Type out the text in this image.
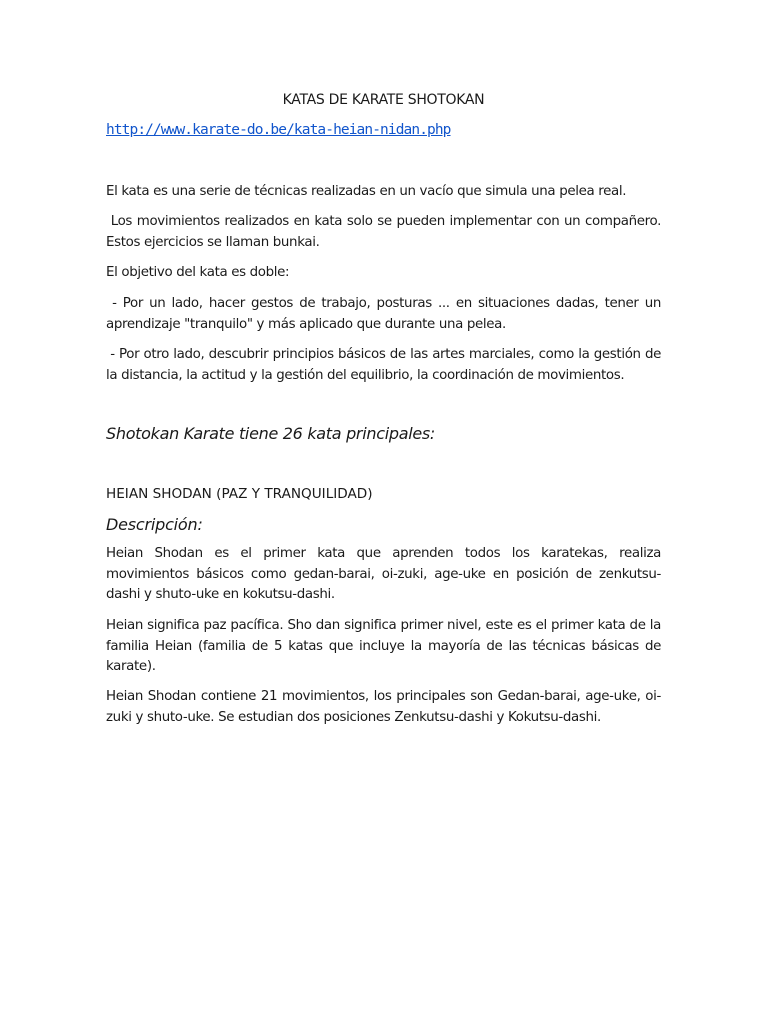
KATAS DE KARATE SHOTOKAN
http://www.karate-do.be/kata-heian-nidan.php

El kata es una serie de técnicas realizadas en un vacío que simula una pelea real.

Los movimientos realizados en kata solo se pueden implementar con un compañero. Estos ejercicios se llaman bunkai.

El objetivo del kata es doble:

- Por un lado, hacer gestos de trabajo, posturas ... en situaciones dadas, tener un aprendizaje "tranquilo" y más aplicado que durante una pelea.

- Por otro lado, descubrir principios básicos de las artes marciales, como la gestión de la distancia, la actitud y la gestión del equilibrio, la coordinación de movimientos.

Shotokan Karate tiene 26 kata principales:
HEIAN SHODAN (PAZ Y TRANQUILIDAD)
Descripción:

Heian Shodan es el primer kata que aprenden todos los karatekas, realiza movimientos básicos como gedan-barai, oi-zuki, age-uke en posición de zenkutsu-dashi y shuto-uke en kokutsu-dashi.

Heian significa paz pacífica. Sho dan significa primer nivel, este es el primer kata de la familia Heian (familia de 5 katas que incluye la mayoría de las técnicas básicas de karate).

Heian Shodan contiene 21 movimientos, los principales son Gedan-barai, age-uke, oi-zuki y shuto-uke. Se estudian dos posiciones Zenkutsu-dashi y Kokutsu-dashi.
